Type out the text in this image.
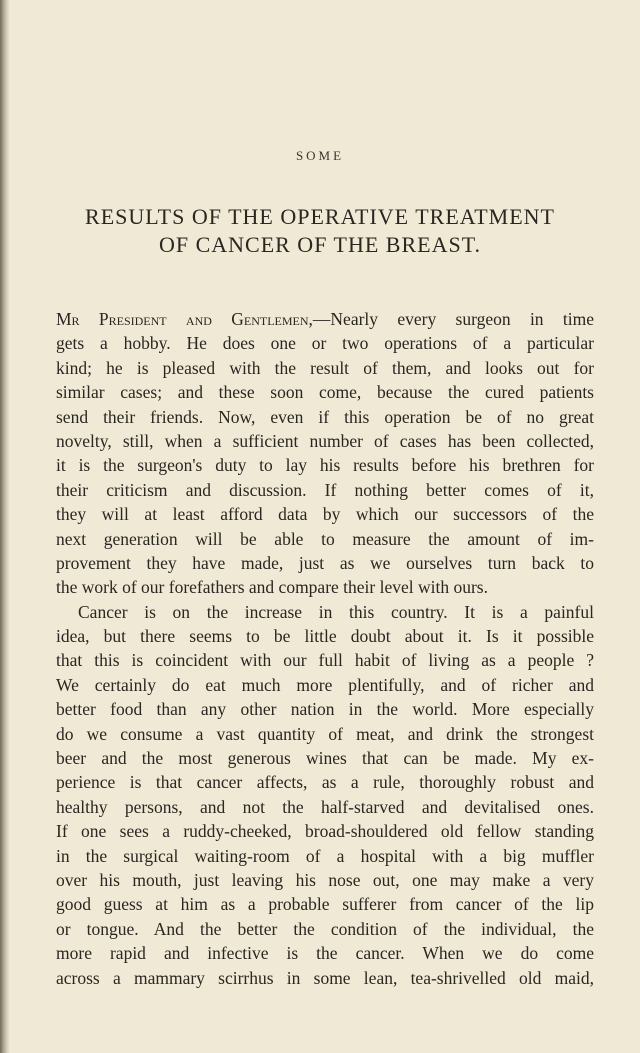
SOME
RESULTS OF THE OPERATIVE TREATMENT
OF CANCER OF THE BREAST.
Mr President and Gentlemen,—Nearly every surgeon in time
gets a hobby. He does one or two operations of a particular
kind; he is pleased with the result of them, and looks out for
similar cases; and these soon come, because the cured patients
send their friends. Now, even if this operation be of no great
novelty, still, when a sufficient number of cases has been collected,
it is the surgeon's duty to lay his results before his brethren for
their criticism and discussion. If nothing better comes of it,
they will at least afford data by which our successors of the
next generation will be able to measure the amount of im-
provement they have made, just as we ourselves turn back to
the work of our forefathers and compare their level with ours.
Cancer is on the increase in this country. It is a painful
idea, but there seems to be little doubt about it. Is it possible
that this is coincident with our full habit of living as a people ?
We certainly do eat much more plentifully, and of richer and
better food than any other nation in the world. More especially
do we consume a vast quantity of meat, and drink the strongest
beer and the most generous wines that can be made. My ex-
perience is that cancer affects, as a rule, thoroughly robust and
healthy persons, and not the half-starved and devitalised ones.
If one sees a ruddy-cheeked, broad-shouldered old fellow standing
in the surgical waiting-room of a hospital with a big muffler
over his mouth, just leaving his nose out, one may make a very
good guess at him as a probable sufferer from cancer of the lip
or tongue. And the better the condition of the individual, the
more rapid and infective is the cancer. When we do come
across a mammary scirrhus in some lean, tea-shrivelled old maid,
